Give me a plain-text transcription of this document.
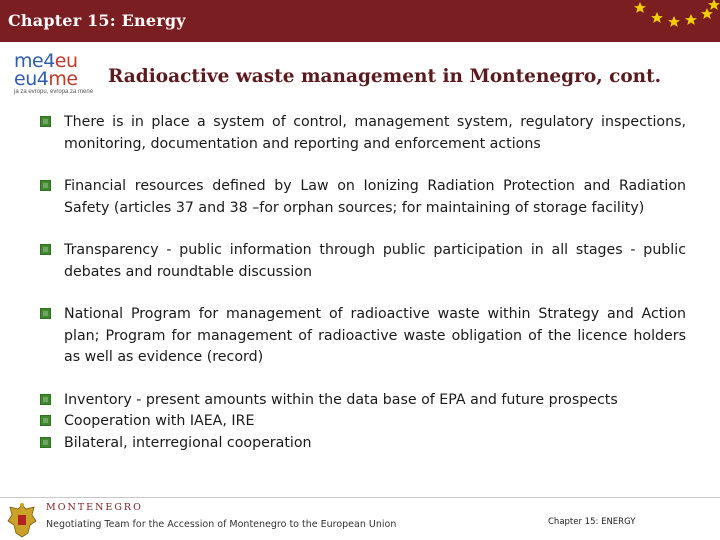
Chapter 15: Energy
me4eu
eu4me
ja za evropu, evropa za mene
Radioactive waste management in Montenegro, cont.
There is in place a system of control, management system, regulatory inspections, monitoring, documentation and reporting and enforcement actions
Financial resources defined by Law on Ionizing Radiation Protection and Radiation Safety (articles 37 and 38 –for orphan sources; for maintaining of storage facility)
Transparency - public information through public participation in all stages - public debates and roundtable discussion
National Program for management of radioactive waste within Strategy and Action plan; Program for management of radioactive waste obligation of the licence holders as well as evidence (record)
Inventory - present amounts within the data base of EPA and future prospects
Cooperation with IAEA, IRE
Bilateral, interregional cooperation
MONTENEGRO
Negotiating Team for the Accession of Montenegro to the European Union	Chapter 15: ENERGY
